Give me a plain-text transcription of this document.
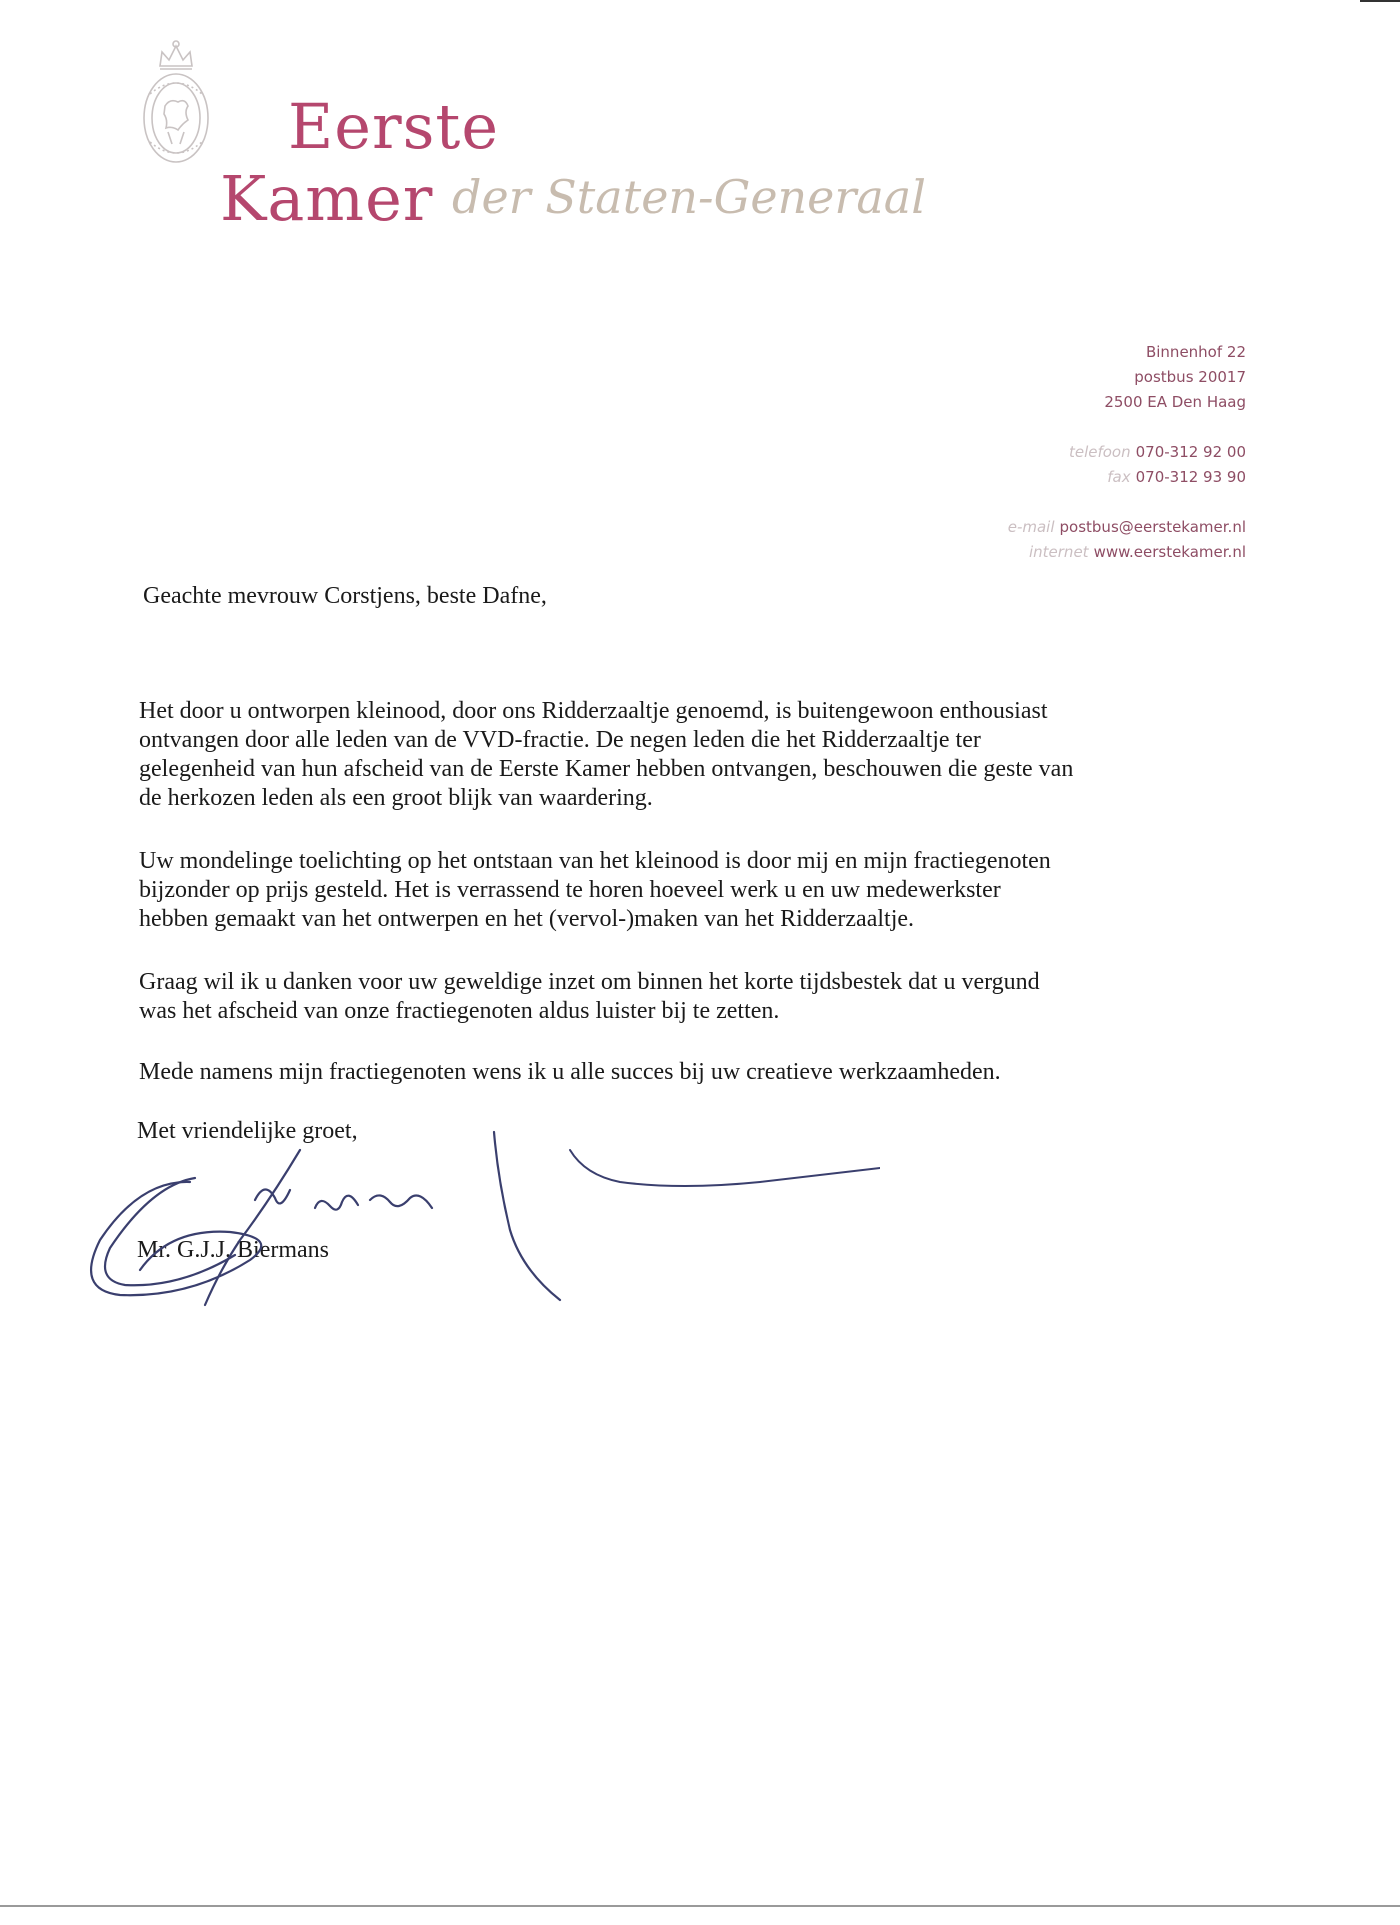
Eerste
Kamer der Staten-Generaal
Binnenhof 22
postbus 20017
2500 EA Den Haag
telefoon 070-312 92 00
fax 070-312 93 90
e-mail postbus@eerstekamer.nl
internet www.eerstekamer.nl
Geachte mevrouw Corstjens, beste Dafne,
Het door u ontworpen kleinood, door ons Ridderzaaltje genoemd, is buitengewoon enthousiast
ontvangen door alle leden van de VVD-fractie. De negen leden die het Ridderzaaltje ter
gelegenheid van hun afscheid van de Eerste Kamer hebben ontvangen, beschouwen die geste van
de herkozen leden als een groot blijk van waardering.
Uw mondelinge toelichting op het ontstaan van het kleinood is door mij en mijn fractiegenoten
bijzonder op prijs gesteld. Het is verrassend te horen hoeveel werk u en uw medewerkster
hebben gemaakt van het ontwerpen en het (vervol-)maken van het Ridderzaaltje.
Graag wil ik u danken voor uw geweldige inzet om binnen het korte tijdsbestek dat u vergund
was het afscheid van onze fractiegenoten aldus luister bij te zetten.
Mede namens mijn fractiegenoten wens ik u alle succes bij uw creatieve werkzaamheden.
Met vriendelijke groet,
Mr. G.J.J. Biermans
